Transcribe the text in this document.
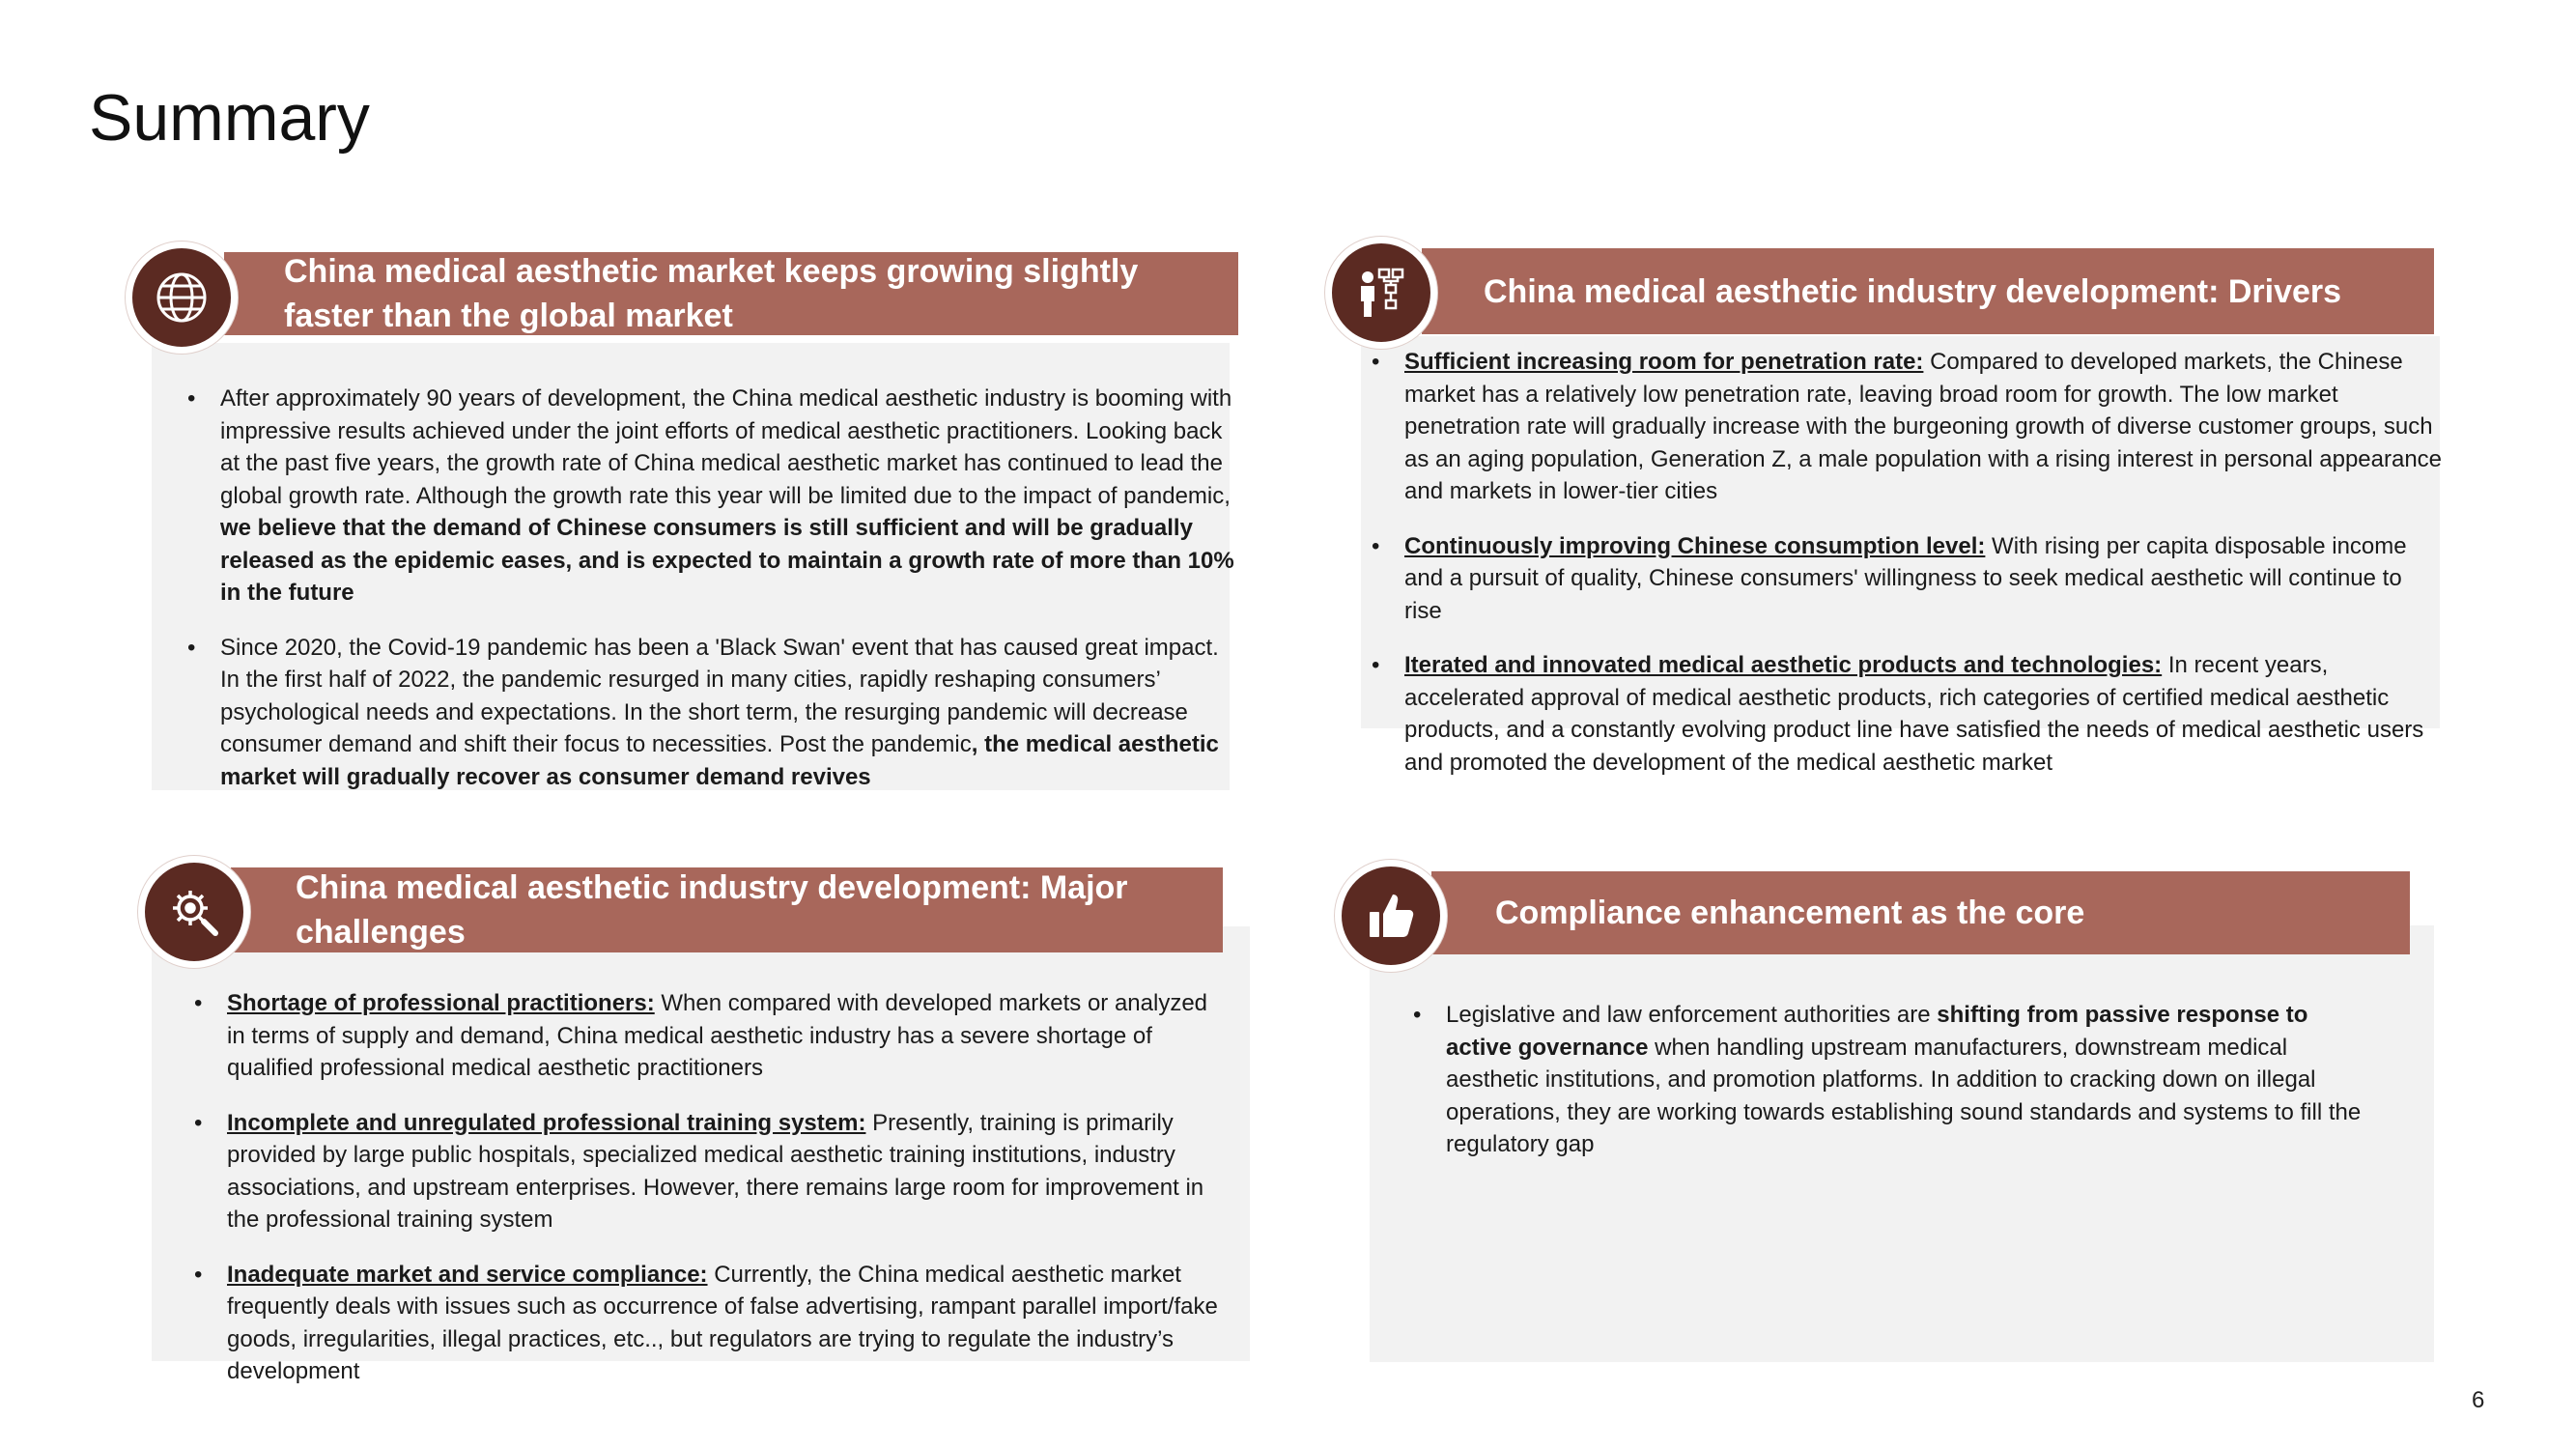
Summary
China medical aesthetic market keeps growing slightly
faster than the global market
• After approximately 90 years of development, the China medical aesthetic industry is booming with impressive results achieved under the joint efforts of medical aesthetic practitioners. Looking back at the past five years, the growth rate of China medical aesthetic market has continued to lead the global growth rate. Although the growth rate this year will be limited due to the impact of pandemic, we believe that the demand of Chinese consumers is still sufficient and will be gradually released as the epidemic eases, and is expected to maintain a growth rate of more than 10% in the future
• Since 2020, the Covid-19 pandemic has been a 'Black Swan' event that has caused great impact. In the first half of 2022, the pandemic resurged in many cities, rapidly reshaping consumers’ psychological needs and expectations. In the short term, the resurging pandemic will decrease consumer demand and shift their focus to necessities. Post the pandemic, the medical aesthetic market will gradually recover as consumer demand revives
China medical aesthetic industry development: Drivers
• Sufficient increasing room for penetration rate: Compared to developed markets, the Chinese market has a relatively low penetration rate, leaving broad room for growth. The low market penetration rate will gradually increase with the burgeoning growth of diverse customer groups, such as an aging population, Generation Z, a male population with a rising interest in personal appearance and markets in lower-tier cities
• Continuously improving Chinese consumption level: With rising per capita disposable income and a pursuit of quality, Chinese consumers' willingness to seek medical aesthetic will continue to rise
• Iterated and innovated medical aesthetic products and technologies: In recent years, accelerated approval of medical aesthetic products, rich categories of certified medical aesthetic products, and a constantly evolving product line have satisfied the needs of medical aesthetic users and promoted the development of the medical aesthetic market
China medical aesthetic industry development: Major
challenges
• Shortage of professional practitioners: When compared with developed markets or analyzed in terms of supply and demand, China medical aesthetic industry has a severe shortage of qualified professional medical aesthetic practitioners
• Incomplete and unregulated professional training system: Presently, training is primarily provided by large public hospitals, specialized medical aesthetic training institutions, industry associations, and upstream enterprises. However, there remains large room for improvement in the professional training system
• Inadequate market and service compliance: Currently, the China medical aesthetic market frequently deals with issues such as occurrence of false advertising, rampant parallel import/fake goods, irregularities, illegal practices, etc.., but regulators are trying to regulate the industry’s development
Compliance enhancement as the core
• Legislative and law enforcement authorities are shifting from passive response to active governance when handling upstream manufacturers, downstream medical aesthetic institutions, and promotion platforms. In addition to cracking down on illegal operations, they are working towards establishing sound standards and systems to fill the regulatory gap
6
